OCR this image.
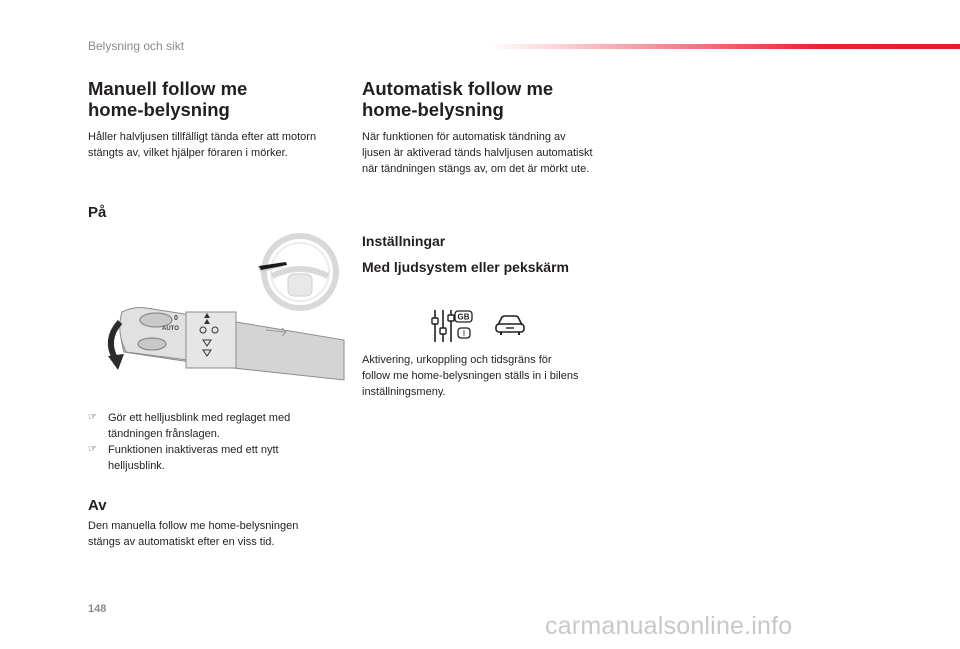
Belysning och sikt

Manuell follow me

home-belysning

Håller halvljusen tillfälligt tända efter att motorn

stängts av, vilket hjälper föraren i mörker.

På
0
AUTO
☞ Gör ett helljusblink med reglaget med
tändningen frånslagen.
☞ Funktionen inaktiveras med ett nytt
helljusblink.
Av

Den manuella follow me home-belysningen

stängs av automatiskt efter en viss tid.

Automatisk follow me

home-belysning

När funktionen för automatisk tändning av

ljusen är aktiverad tänds halvljusen automatiskt

när tändningen stängs av, om det är mörkt ute.

Inställningar
Med ljudsystem eller pekskärm
GB
I

Aktivering, urkoppling och tidsgräns för

follow me home-belysningen ställs in i bilens

inställningsmeny.

148
carmanualsonline.info
